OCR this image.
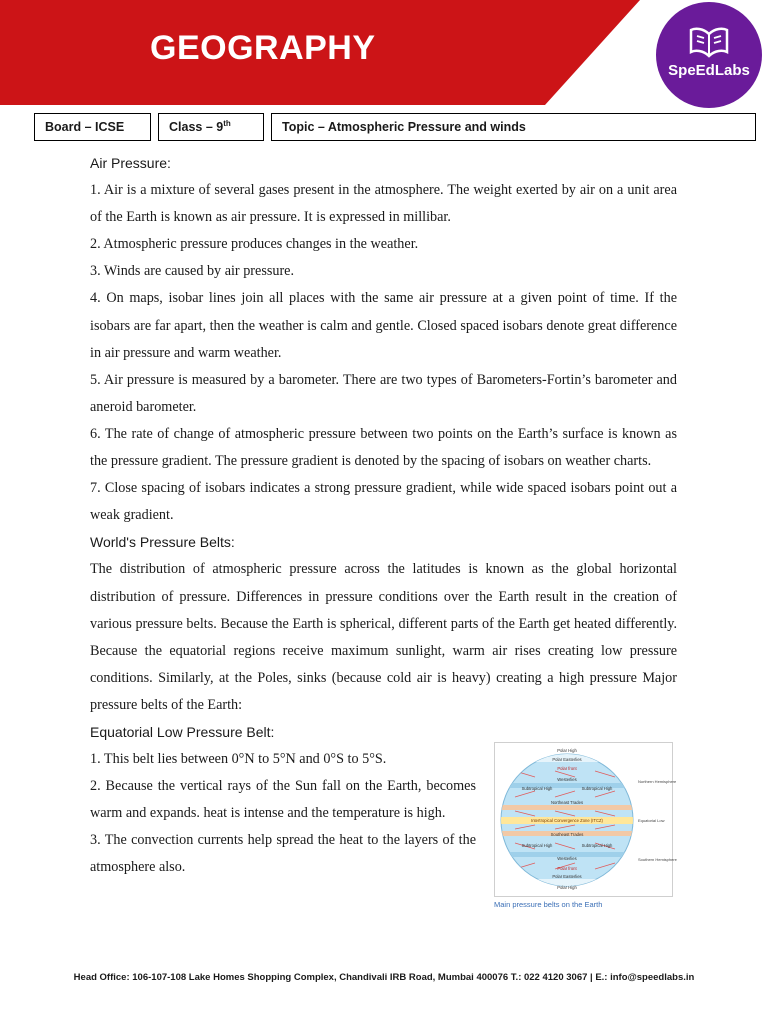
GEOGRAPHY
SpeEdLabs
Board – ICSE	Class – 9th	Topic – Atmospheric Pressure and winds

Air Pressure:

1. Air is a mixture of several gases present in the atmosphere. The weight exerted by air on a unit area of the Earth is known as air pressure. It is expressed in millibar.

2. Atmospheric pressure produces changes in the weather.

3. Winds are caused by air pressure.

4. On maps, isobar lines join all places with the same air pressure at a given point of time. If the isobars are far apart, then the weather is calm and gentle. Closed spaced isobars denote great difference in air pressure and warm weather.

5. Air pressure is measured by a barometer. There are two types of Barometers-Fortin’s barometer and aneroid barometer.

6. The rate of change of atmospheric pressure between two points on the Earth’s surface is known as the pressure gradient. The pressure gradient is denoted by the spacing of isobars on weather charts.

7. Close spacing of isobars indicates a strong pressure gradient, while wide spaced isobars point out a weak gradient.

World's Pressure Belts:

The distribution of atmospheric pressure across the latitudes is known as the global horizontal distribution of pressure. Differences in pressure conditions over the Earth result in the creation of various pressure belts. Because the Earth is spherical, different parts of the Earth get heated differently. Because the equatorial regions receive maximum sunlight, warm air rises creating low pressure conditions. Similarly, at the Poles, sinks (because cold air is heavy) creating a high pressure Major pressure belts of the Earth:

Equatorial Low Pressure Belt:

Polar High
Polar Easterlies
Polar front
Westerlies
Subtropical High	Subtropical High
Northeast Trades
Intertropical Convergence Zone (ITCZ)
Southeast Trades
Subtropical High	Subtropical High
Westerlies
Polar front
Polar Easterlies
Polar High
Northern Hemisphere
Equatorial Low
Southern Hemisphere
Main pressure belts on the Earth

1. This belt lies between 0°N to 5°N and 0°S to 5°S.

2. Because the vertical rays of the Sun fall on the Earth, becomes warm and expands. heat is intense and the temperature is high.

3. The convection currents help spread the heat to the layers of the atmosphere also.

Head Office: 106-107-108 Lake Homes Shopping Complex, Chandivali IRB Road, Mumbai 400076 T.: 022 4120 3067 | E.: info@speedlabs.in
